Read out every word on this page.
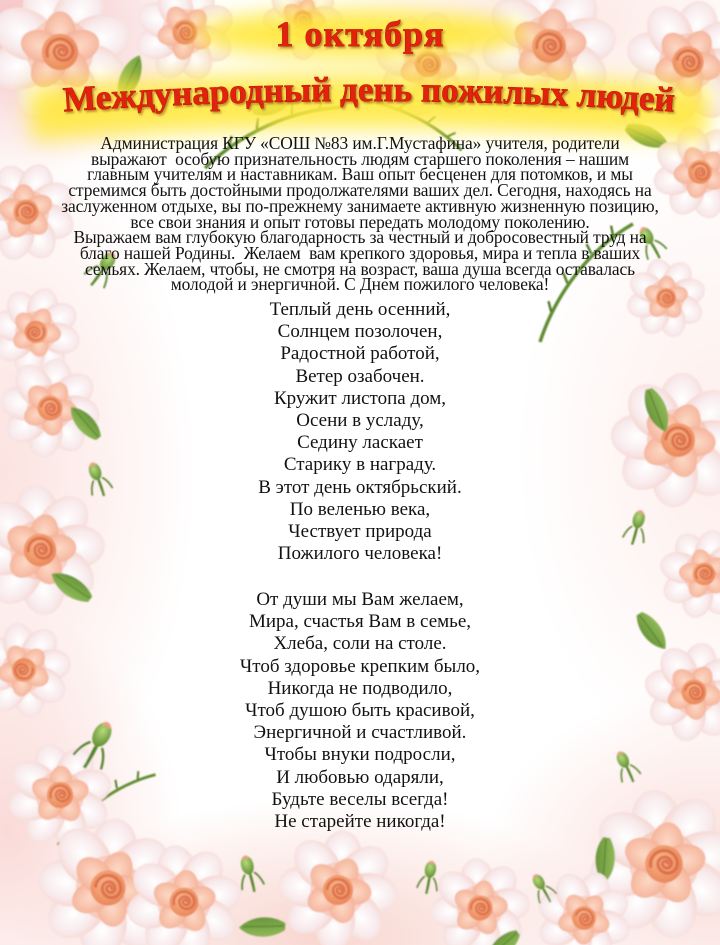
1 октября
Международный день пожилых людей
Администрация КГУ «СОШ №83 им.Г.Мустафина» учителя, родители
выражают  особую признательность людям старшего поколения – нашим
главным учителям и наставникам. Ваш опыт бесценен для потомков, и мы
стремимся быть достойными продолжателями ваших дел. Сегодня, находясь на
заслуженном отдыхе, вы по-прежнему занимаете активную жизненную позицию,
все свои знания и опыт готовы передать молодому поколению.
Выражаем вам глубокую благодарность за честный и добросовестный труд на
благо нашей Родины.  Желаем  вам крепкого здоровья, мира и тепла в ваших
семьях. Желаем, чтобы, не смотря на возраст, ваша душа всегда оставалась
молодой и энергичной. С Днем пожилого человека!
Теплый день осенний,
Солнцем позолочен,
Радостной работой,
Ветер озабочен.
Кружит листопа дом,
Осени в усладу,
Седину ласкает
Старику в награду.
В этот день октябрьский.
По веленью века,
Чествует природа
Пожилого человека!
От души мы Вам желаем,
Мира, счастья Вам в семье,
Хлеба, соли на столе.
Чтоб здоровье крепким было,
Никогда не подводило,
Чтоб душою быть красивой,
Энергичной и счастливой.
Чтобы внуки подросли,
И любовью одаряли,
Будьте веселы всегда!
Не старейте никогда!
